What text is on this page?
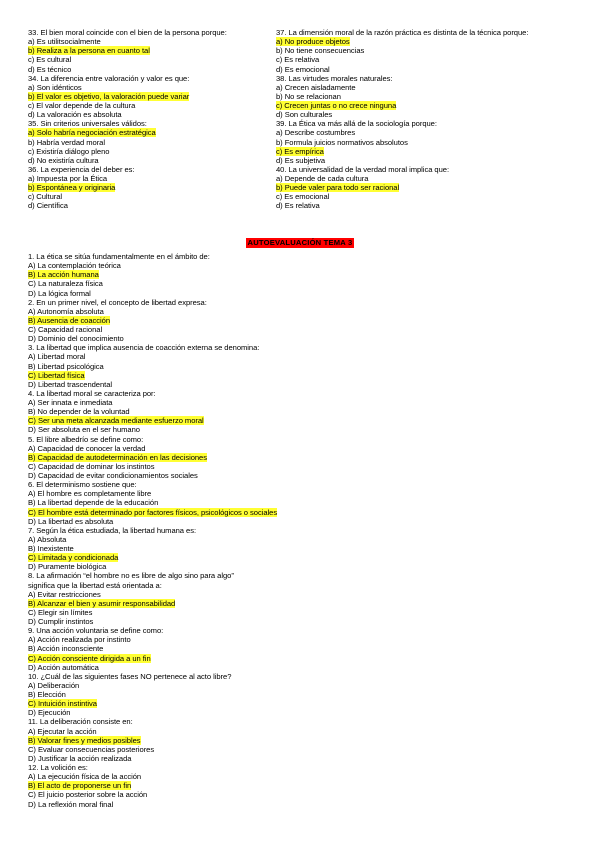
33. El bien moral coincide con el bien de la persona porque:
a) Es utilitsocialmente
b) Realiza a la persona en cuanto tal
c) Es cultural
d) Es técnico
34. La diferencia entre valoración y valor es que:
a) Son idénticos
b) El valor es objetivo, la valoración puede variar
c) El valor depende de la cultura
d) La valoración es absoluta
35. Sin criterios universales válidos:
a) Solo habría negociación estratégica
b) Habría verdad moral
c) Existiría diálogo pleno
d) No existiría cultura
36. La experiencia del deber es:
a) Impuesta por la Ética
b) Espontánea y originaria
c) Cultural
d) Científica
37. La dimensión moral de la razón práctica es distinta de la técnica porque:
a) No produce objetos
b) No tiene consecuencias
c) Es relativa
d) Es emocional
38. Las virtudes morales naturales:
a) Crecen aisladamente
b) No se relacionan
c) Crecen juntas o no crece ninguna
d) Son culturales
39. La Ética va más allá de la sociología porque:
a) Describe costumbres
b) Formula juicios normativos absolutos
c) Es empírica
d) Es subjetiva
40. La universalidad de la verdad moral implica que:
a) Depende de cada cultura
b) Puede valer para todo ser racional
c) Es emocional
d) Es relativa
AUTOEVALUACIÓN TEMA 3
1. La ética se sitúa fundamentalmente en el ámbito de:
A) La contemplación teórica
B) La acción humana
C) La naturaleza física
D) La lógica formal
2. En un primer nivel, el concepto de libertad expresa:
A) Autonomía absoluta
B) Ausencia de coacción
C) Capacidad racional
D) Dominio del conocimiento
3. La libertad que implica ausencia de coacción externa se denomina:
A) Libertad moral
B) Libertad psicológica
C) Libertad física
D) Libertad trascendental
4. La libertad moral se caracteriza por:
A) Ser innata e inmediata
B) No depender de la voluntad
C) Ser una meta alcanzada mediante esfuerzo moral
D) Ser absoluta en el ser humano
5. El libre albedrío se define como:
A) Capacidad de conocer la verdad
B) Capacidad de autodeterminación en las decisiones
C) Capacidad de dominar los instintos
D) Capacidad de evitar condicionamientos sociales
6. El determinismo sostiene que:
A) El hombre es completamente libre
B) La libertad depende de la educación
C) El hombre está determinado por factores físicos, psicológicos o sociales
D) La libertad es absoluta
7. Según la ética estudiada, la libertad humana es:
A) Absoluta
B) Inexistente
C) Limitada y condicionada
D) Puramente biológica
8. La afirmación “el hombre no es libre de algo sino para algo”
significa que la libertad está orientada a:
A) Evitar restricciones
B) Alcanzar el bien y asumir responsabilidad
C) Elegir sin límites
D) Cumplir instintos
9. Una acción voluntaria se define como:
A) Acción realizada por instinto
B) Acción inconsciente
C) Acción consciente dirigida a un fin
D) Acción automática
10. ¿Cuál de las siguientes fases NO pertenece al acto libre?
A) Deliberación
B) Elección
C) Intuición instintiva
D) Ejecución
11. La deliberación consiste en:
A) Ejecutar la acción
B) Valorar fines y medios posibles
C) Evaluar consecuencias posteriores
D) Justificar la acción realizada
12. La volición es:
A) La ejecución física de la acción
B) El acto de proponerse un fin
C) El juicio posterior sobre la acción
D) La reflexión moral final
